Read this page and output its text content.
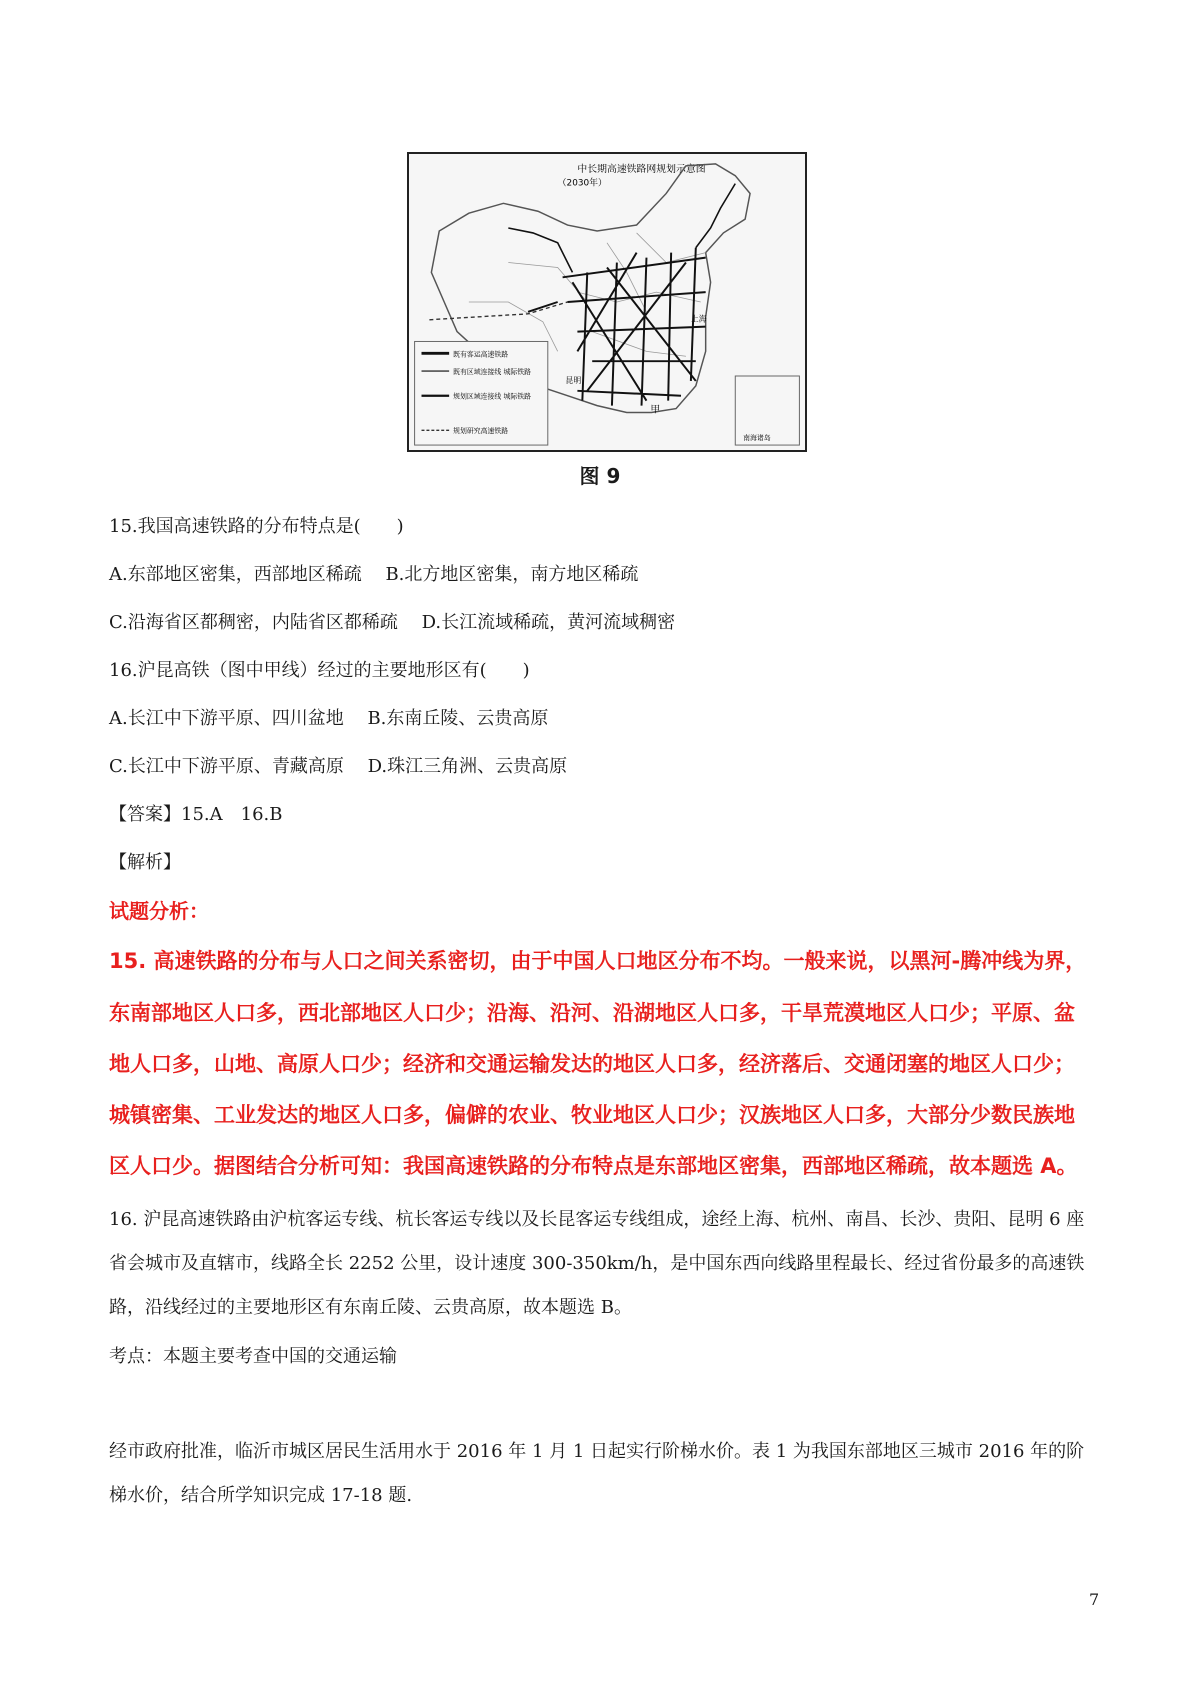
中长期高速铁路网规划示意图
（2030年）
上海
甲
昆明
既有客运高速铁路
既有区域连接线 城际铁路
规划区域连接线 城际铁路
规划研究高速铁路
南海诸岛
图 9
15.我国高速铁路的分布特点是(　　)
A.东部地区密集，西部地区稀疏　 B.北方地区密集，南方地区稀疏
C.沿海省区都稠密，内陆省区都稀疏　 D.长江流域稀疏，黄河流域稠密
16.沪昆高铁（图中甲线）经过的主要地形区有(　　)
A.长江中下游平原、四川盆地　 B.东南丘陵、云贵高原
C.长江中下游平原、青藏高原　 D.珠江三角洲、云贵高原
【答案】15.A　16.B
【解析】
试题分析：
15. 高速铁路的分布与人口之间关系密切，由于中国人口地区分布不均。一般来说，以黑河-腾冲线为界，
东南部地区人口多，西北部地区人口少；沿海、沿河、沿湖地区人口多，干旱荒漠地区人口少；平原、盆
地人口多，山地、高原人口少；经济和交通运输发达的地区人口多，经济落后、交通闭塞的地区人口少；
城镇密集、工业发达的地区人口多，偏僻的农业、牧业地区人口少；汉族地区人口多，大部分少数民族地
区人口少。据图结合分析可知：我国高速铁路的分布特点是东部地区密集，西部地区稀疏，故本题选 A。
16. 沪昆高速铁路由沪杭客运专线、杭长客运专线以及长昆客运专线组成，途经上海、杭州、南昌、长沙、贵阳、昆明 6 座省会城市及直辖市，线路全长 2252 公里，设计速度 300-350km/h，是中国东西向线路里程最长、经过省份最多的高速铁路，沿线经过的主要地形区有东南丘陵、云贵高原，故本题选 B。
考点：本题主要考查中国的交通运输
经市政府批准，临沂市城区居民生活用水于 2016 年 1 月 1 日起实行阶梯水价。表 1 为我国东部地区三城市 2016 年的阶梯水价，结合所学知识完成 17-18 题.
7
